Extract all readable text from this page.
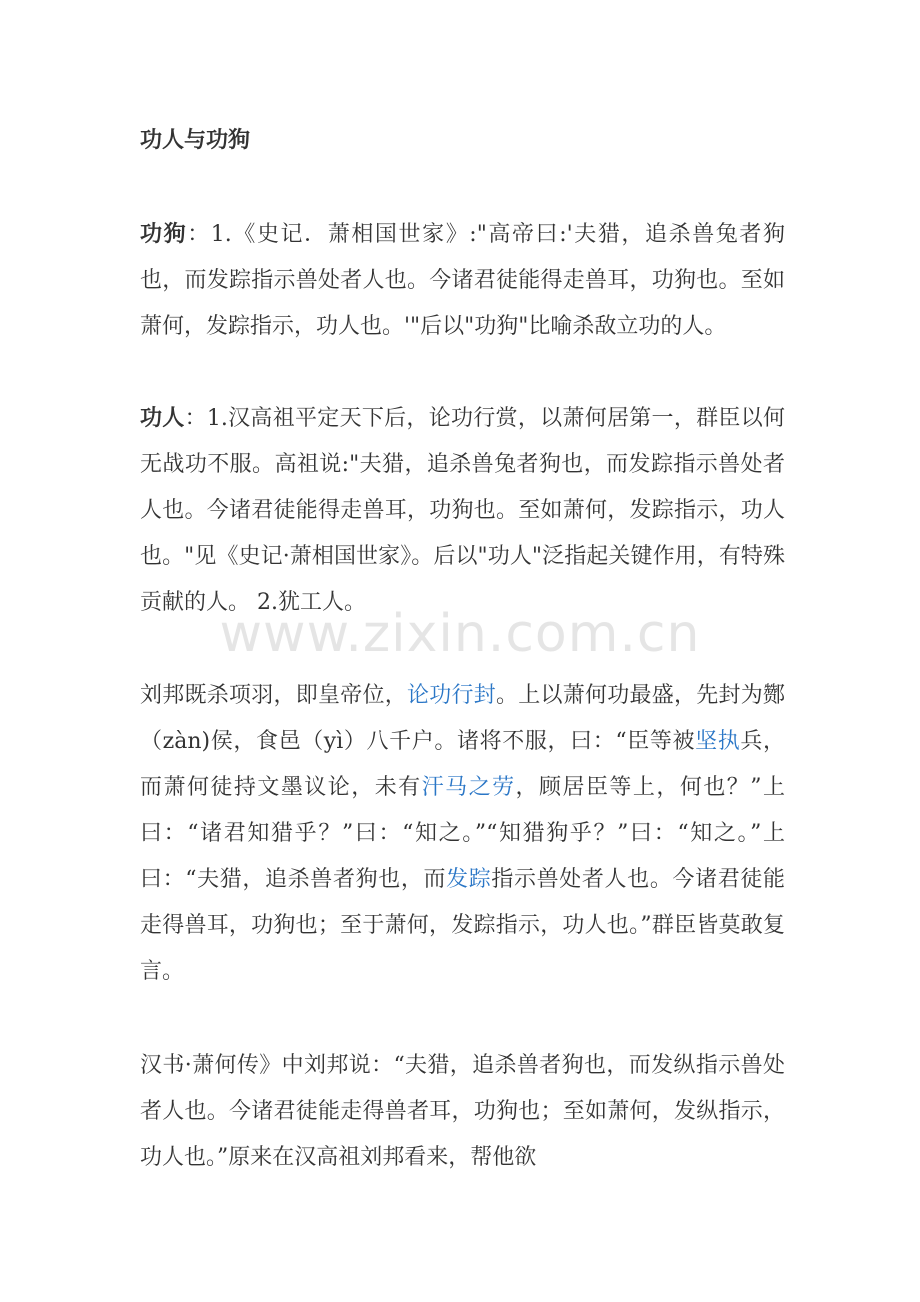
功人与功狗

功狗：1.《史记．萧相国世家》:"高帝曰:'夫猎，追杀兽兔者狗也，而发踪指示兽处者人也。今诸君徒能得走兽耳，功狗也。至如萧何，发踪指示，功人也。'"后以"功狗"比喻杀敌立功的人。

功人：1.汉高祖平定天下后，论功行赏，以萧何居第一，群臣以何无战功不服。高祖说:"夫猎，追杀兽兔者狗也，而发踪指示兽处者人也。今诸君徒能得走兽耳，功狗也。至如萧何，发踪指示，功人也。"见《史记·萧相国世家》。后以"功人"泛指起关键作用，有特殊贡献的人。 2.犹工人。

刘邦既杀项羽，即皇帝位，论功行封。上以萧何功最盛，先封为酂（zàn)侯，食邑（yì）八千户。诸将不服，曰：“臣等被坚执兵，而萧何徒持文墨议论，未有汗马之劳，顾居臣等上，何也？”上曰：“诸君知猎乎？”曰：“知之。”“知猎狗乎？”曰：“知之。”上曰：“夫猎，追杀兽者狗也，而发踪指示兽处者人也。今诸君徒能走得兽耳，功狗也；至于萧何，发踪指示，功人也。”群臣皆莫敢复言。

汉书·萧何传》中刘邦说：“夫猎，追杀兽者狗也，而发纵指示兽处者人也。今诸君徒能走得兽者耳，功狗也；至如萧何，发纵指示，功人也。”原来在汉高祖刘邦看来，帮他欲

www.zixin.com.cn
